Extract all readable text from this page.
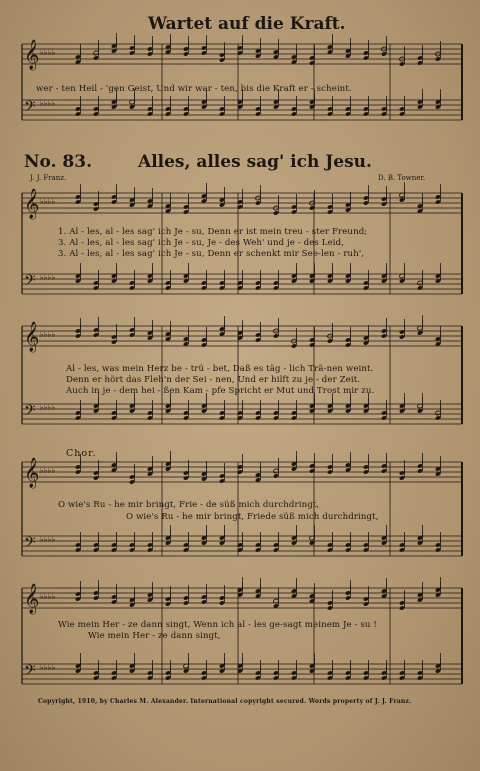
Wartet auf die Kraft.
𝄞 ♭♭♭♭
𝄢 ♭♭♭♭
𝄞 ♭♭♭♭
𝄢 ♭♭♭♭
𝄞 ♭♭♭♭
𝄢 ♭♭♭♭
𝄞 ♭♭♭♭
𝄢 ♭♭♭♭
𝄞 ♭♭♭♭
𝄢 ♭♭♭♭
wer - ten Heil - 'gen Geist, Und wir war - ten, bis die Kraft er - scheint.
No. 83.	Alles, alles sag' ich Jesu.
J. J. Franz.	D. B. Towner.
1. Al - les, al - les sag' ich Je - su, Denn er ist mein treu - ster Freund;
3. Al - les, al - les sag' ich Je - su, Je - des Weh' und je - des Leid,
3. Al - les, al - les sag' ich Je - su, Denn er schenkt mir See-len - ruh',
Al - les, was mein Herz be - trü - bet, Daß es täg - lich Trä-nen weint.
Denn er hört das Fleh'n der Sei - nen, Und er hilft zu je - der Zeit.
Auch in je - dem hei - ßen Kam - pfe Spricht er Mut und Trost mir zu.
Chor.
O wie's Ru - he mir bringt, Frie - de süß mich durchdringt,
O wie's Ru - he mir bringt, Friede süß mich durchdringt,
Wie mein Her - ze dann singt, Wenn ich al - les ge-sagt meinem Je - su !
Wie mein Her - ze dann singt,
Copyright, 1910, by Charles M. Alexander. International copyright secured. Words property of J. J. Franz.
